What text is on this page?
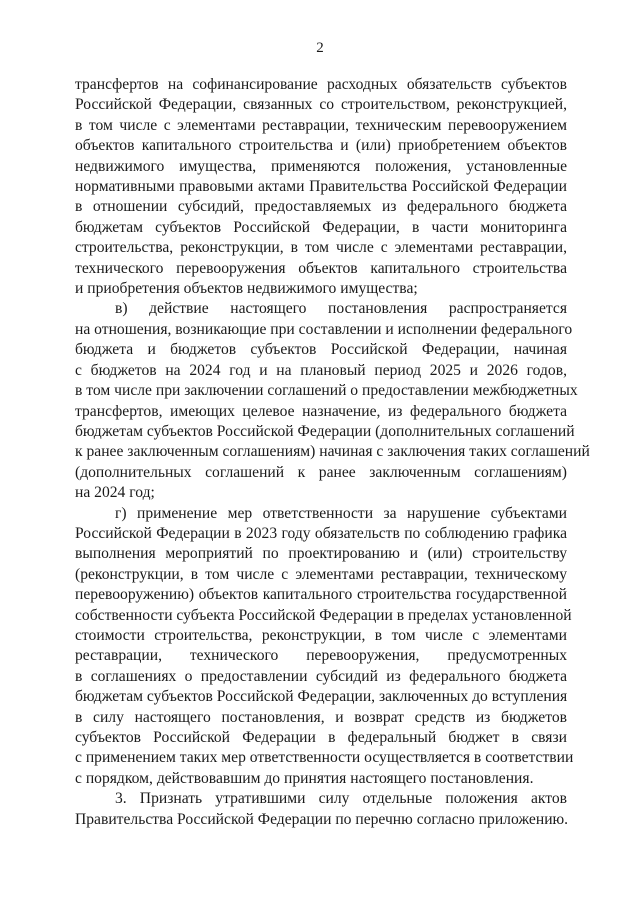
2
трансфертов на софинансирование расходных обязательств субъектов
Российской Федерации, связанных со строительством, реконструкцией,
в том числе с элементами реставрации, техническим перевооружением
объектов капитального строительства и (или) приобретением объектов
недвижимого имущества, применяются положения, установленные
нормативными правовыми актами Правительства Российской Федерации
в отношении субсидий, предоставляемых из федерального бюджета
бюджетам субъектов Российской Федерации, в части мониторинга
строительства, реконструкции, в том числе с элементами реставрации,
технического перевооружения объектов капитального строительства
и приобретения объектов недвижимого имущества;
в) действие настоящего постановления распространяется
на отношения, возникающие при составлении и исполнении федерального
бюджета и бюджетов субъектов Российской Федерации, начиная
с бюджетов на 2024 год и на плановый период 2025 и 2026 годов,
в том числе при заключении соглашений о предоставлении межбюджетных
трансфертов, имеющих целевое назначение, из федерального бюджета
бюджетам субъектов Российской Федерации (дополнительных соглашений
к ранее заключенным соглашениям) начиная с заключения таких соглашений
(дополнительных соглашений к ранее заключенным соглашениям)
на 2024 год;
г) применение мер ответственности за нарушение субъектами
Российской Федерации в 2023 году обязательств по соблюдению графика
выполнения мероприятий по проектированию и (или) строительству
(реконструкции, в том числе с элементами реставрации, техническому
перевооружению) объектов капитального строительства государственной
собственности субъекта Российской Федерации в пределах установленной
стоимости строительства, реконструкции, в том числе с элементами
реставрации, технического перевооружения, предусмотренных
в соглашениях о предоставлении субсидий из федерального бюджета
бюджетам субъектов Российской Федерации, заключенных до вступления
в силу настоящего постановления, и возврат средств из бюджетов
субъектов Российской Федерации в федеральный бюджет в связи
с применением таких мер ответственности осуществляется в соответствии
с порядком, действовавшим до принятия настоящего постановления.
3. Признать утратившими силу отдельные положения актов
Правительства Российской Федерации по перечню согласно приложению.
